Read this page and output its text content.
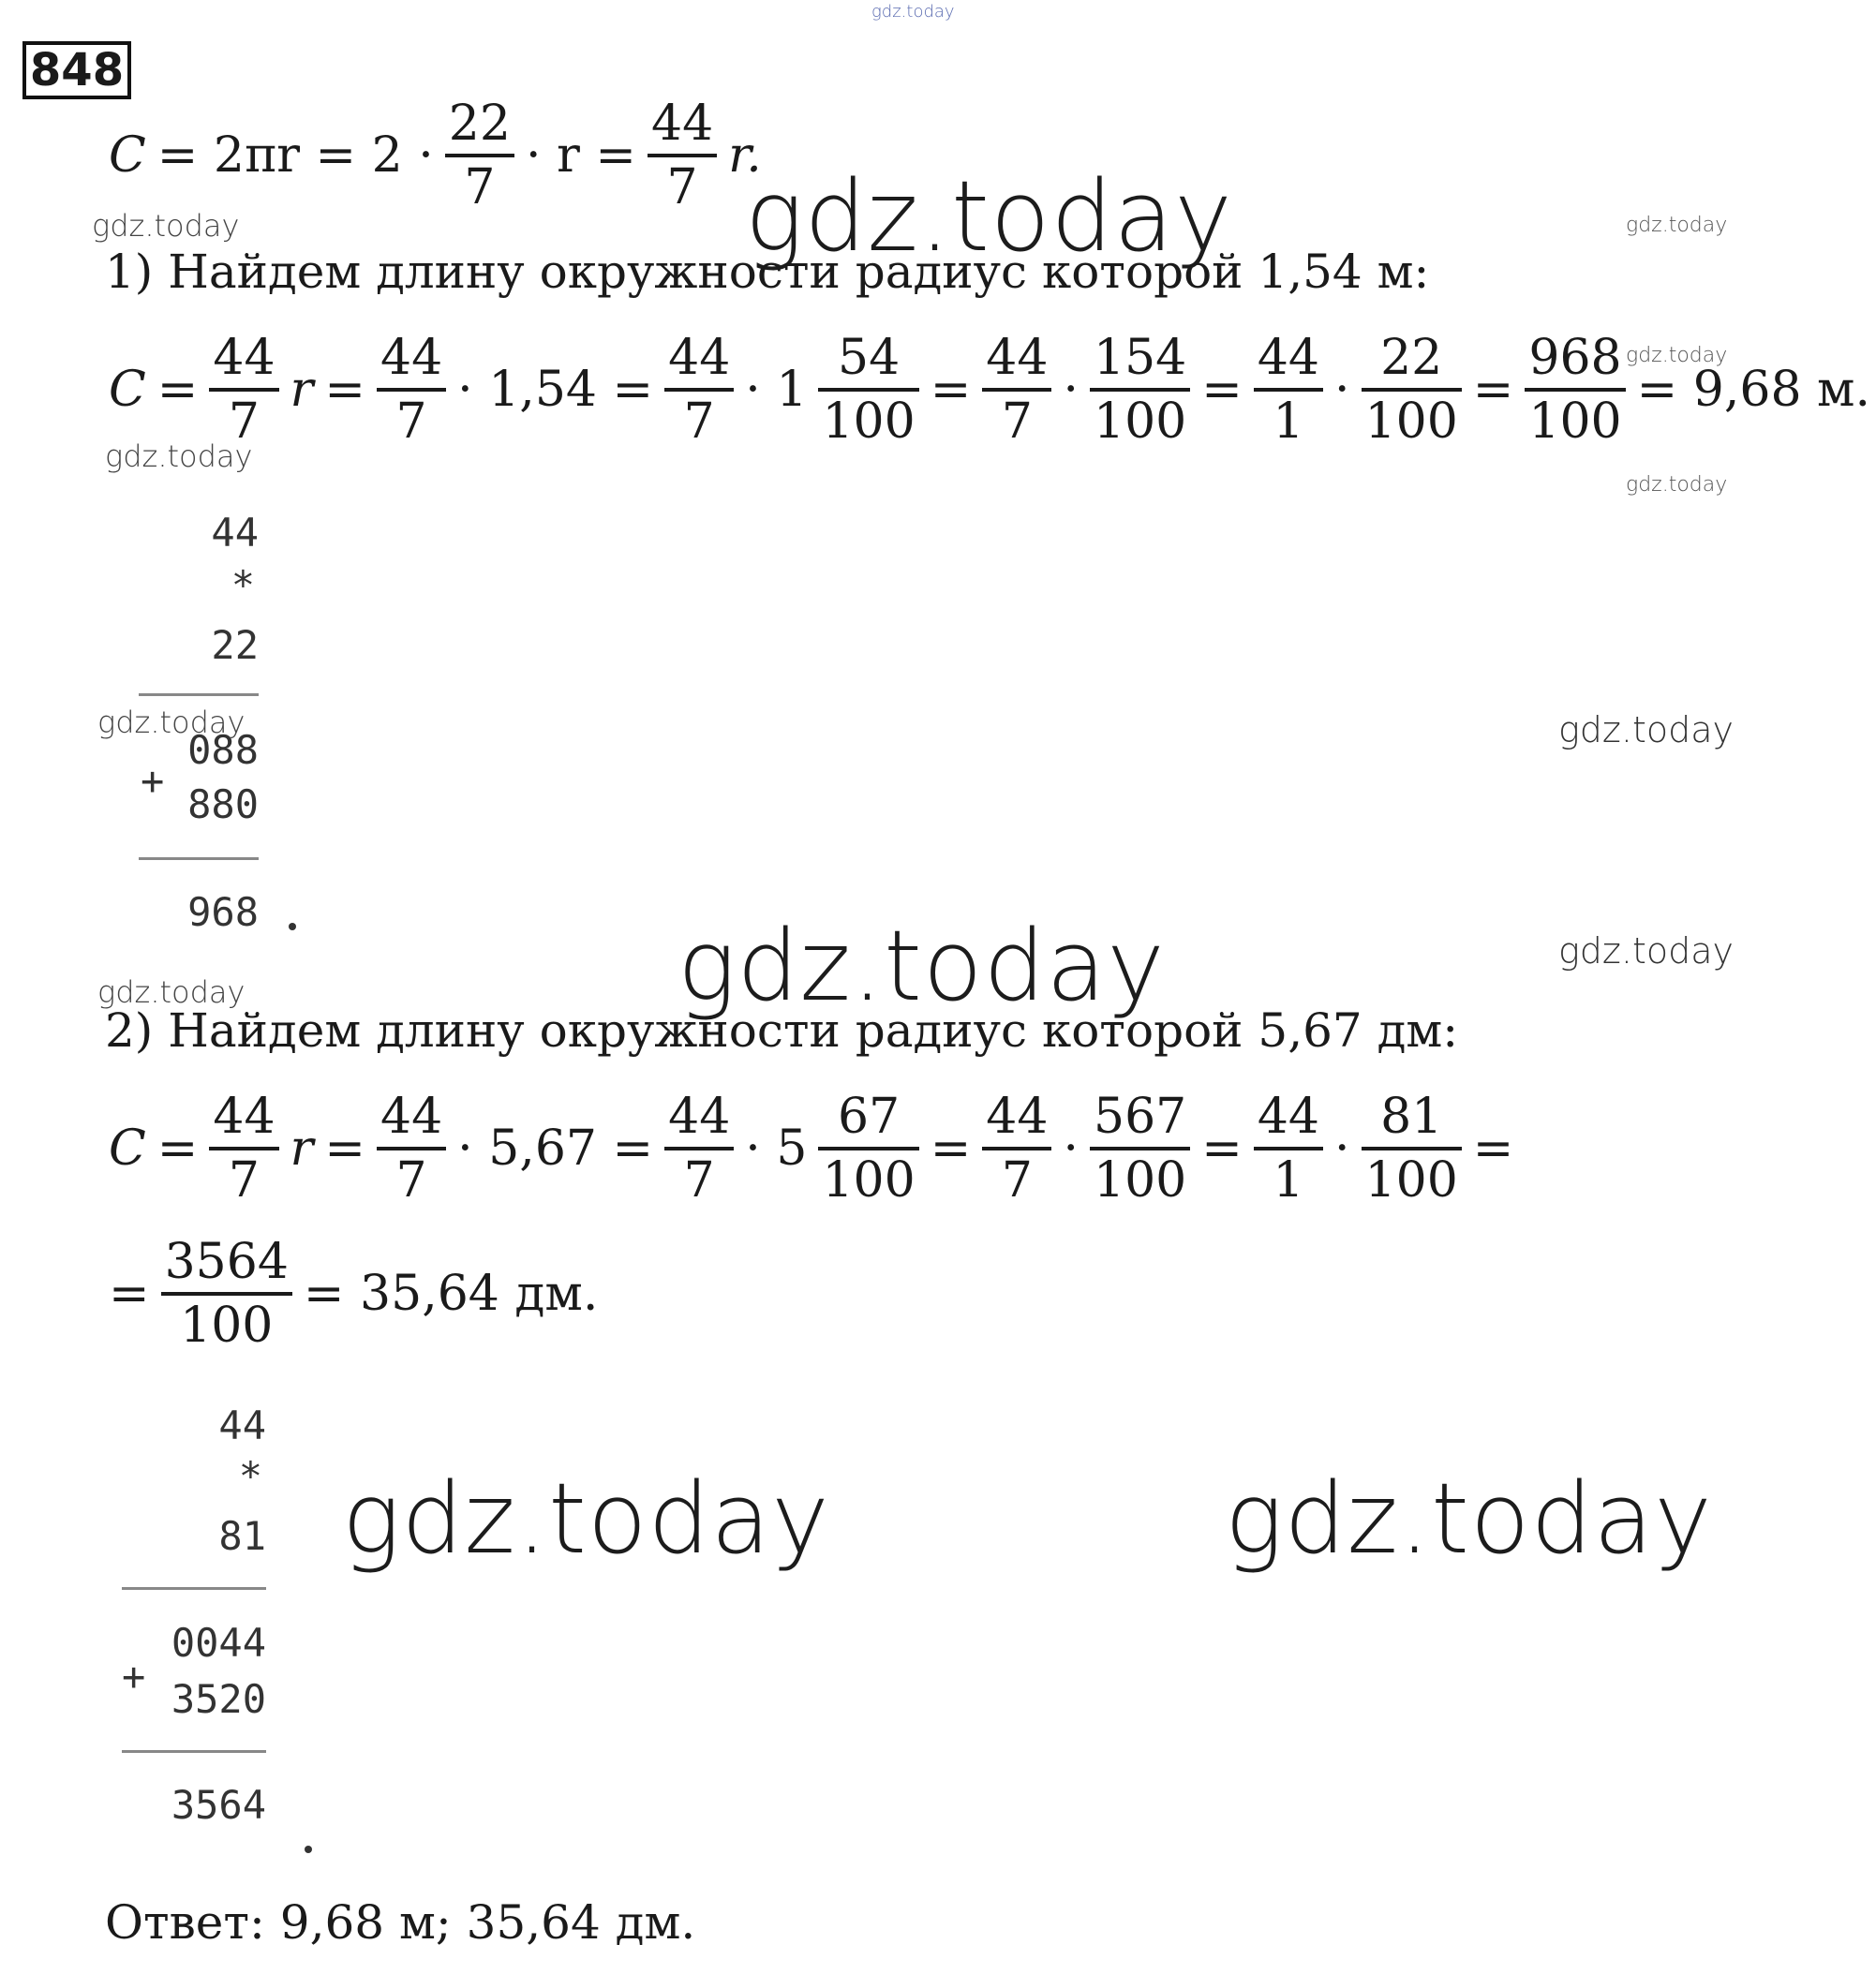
gdz.today
848
$C = 2\pi r = 2 \cdot \frac{22}{7} \cdot r = \frac{44}{7} r$.
gdz.today
gdz.today	gdz.today
1) Найдем длину окружности радиус которой 1,54 м:
$C = \frac{44}{7}$ $r = \frac{44}{7} \cdot 1,54 = \frac{44}{7} \cdot 1 \frac{54}{100} = \frac{44}{7} \cdot \frac{154}{100} = \frac{44}{1} \cdot \frac{22}{100} = \frac{968}{100} = 9,68$ м.
gdz.today
gdz.today
gdz.today
44
*
22
088
+
880
968
gdz.today	gdz.today
gdz.today	gdz.today
gdz.today
2) Найдем длину окружности радиус которой 5,67 дм:
$C = \frac{44}{7}$ $r = \frac{44}{7} \cdot 5,67 = \frac{44}{7} \cdot 5 \frac{67}{100} = \frac{44}{7} \cdot \frac{567}{100} = \frac{44}{1} \cdot \frac{81}{100}$ =
= $\frac{3564}{100} = 35,64$ дм.
44
*
81
0044
+ 3520
3564
gdz.today	gdz.today
Ответ: 9,68 м; 35,64 дм.
